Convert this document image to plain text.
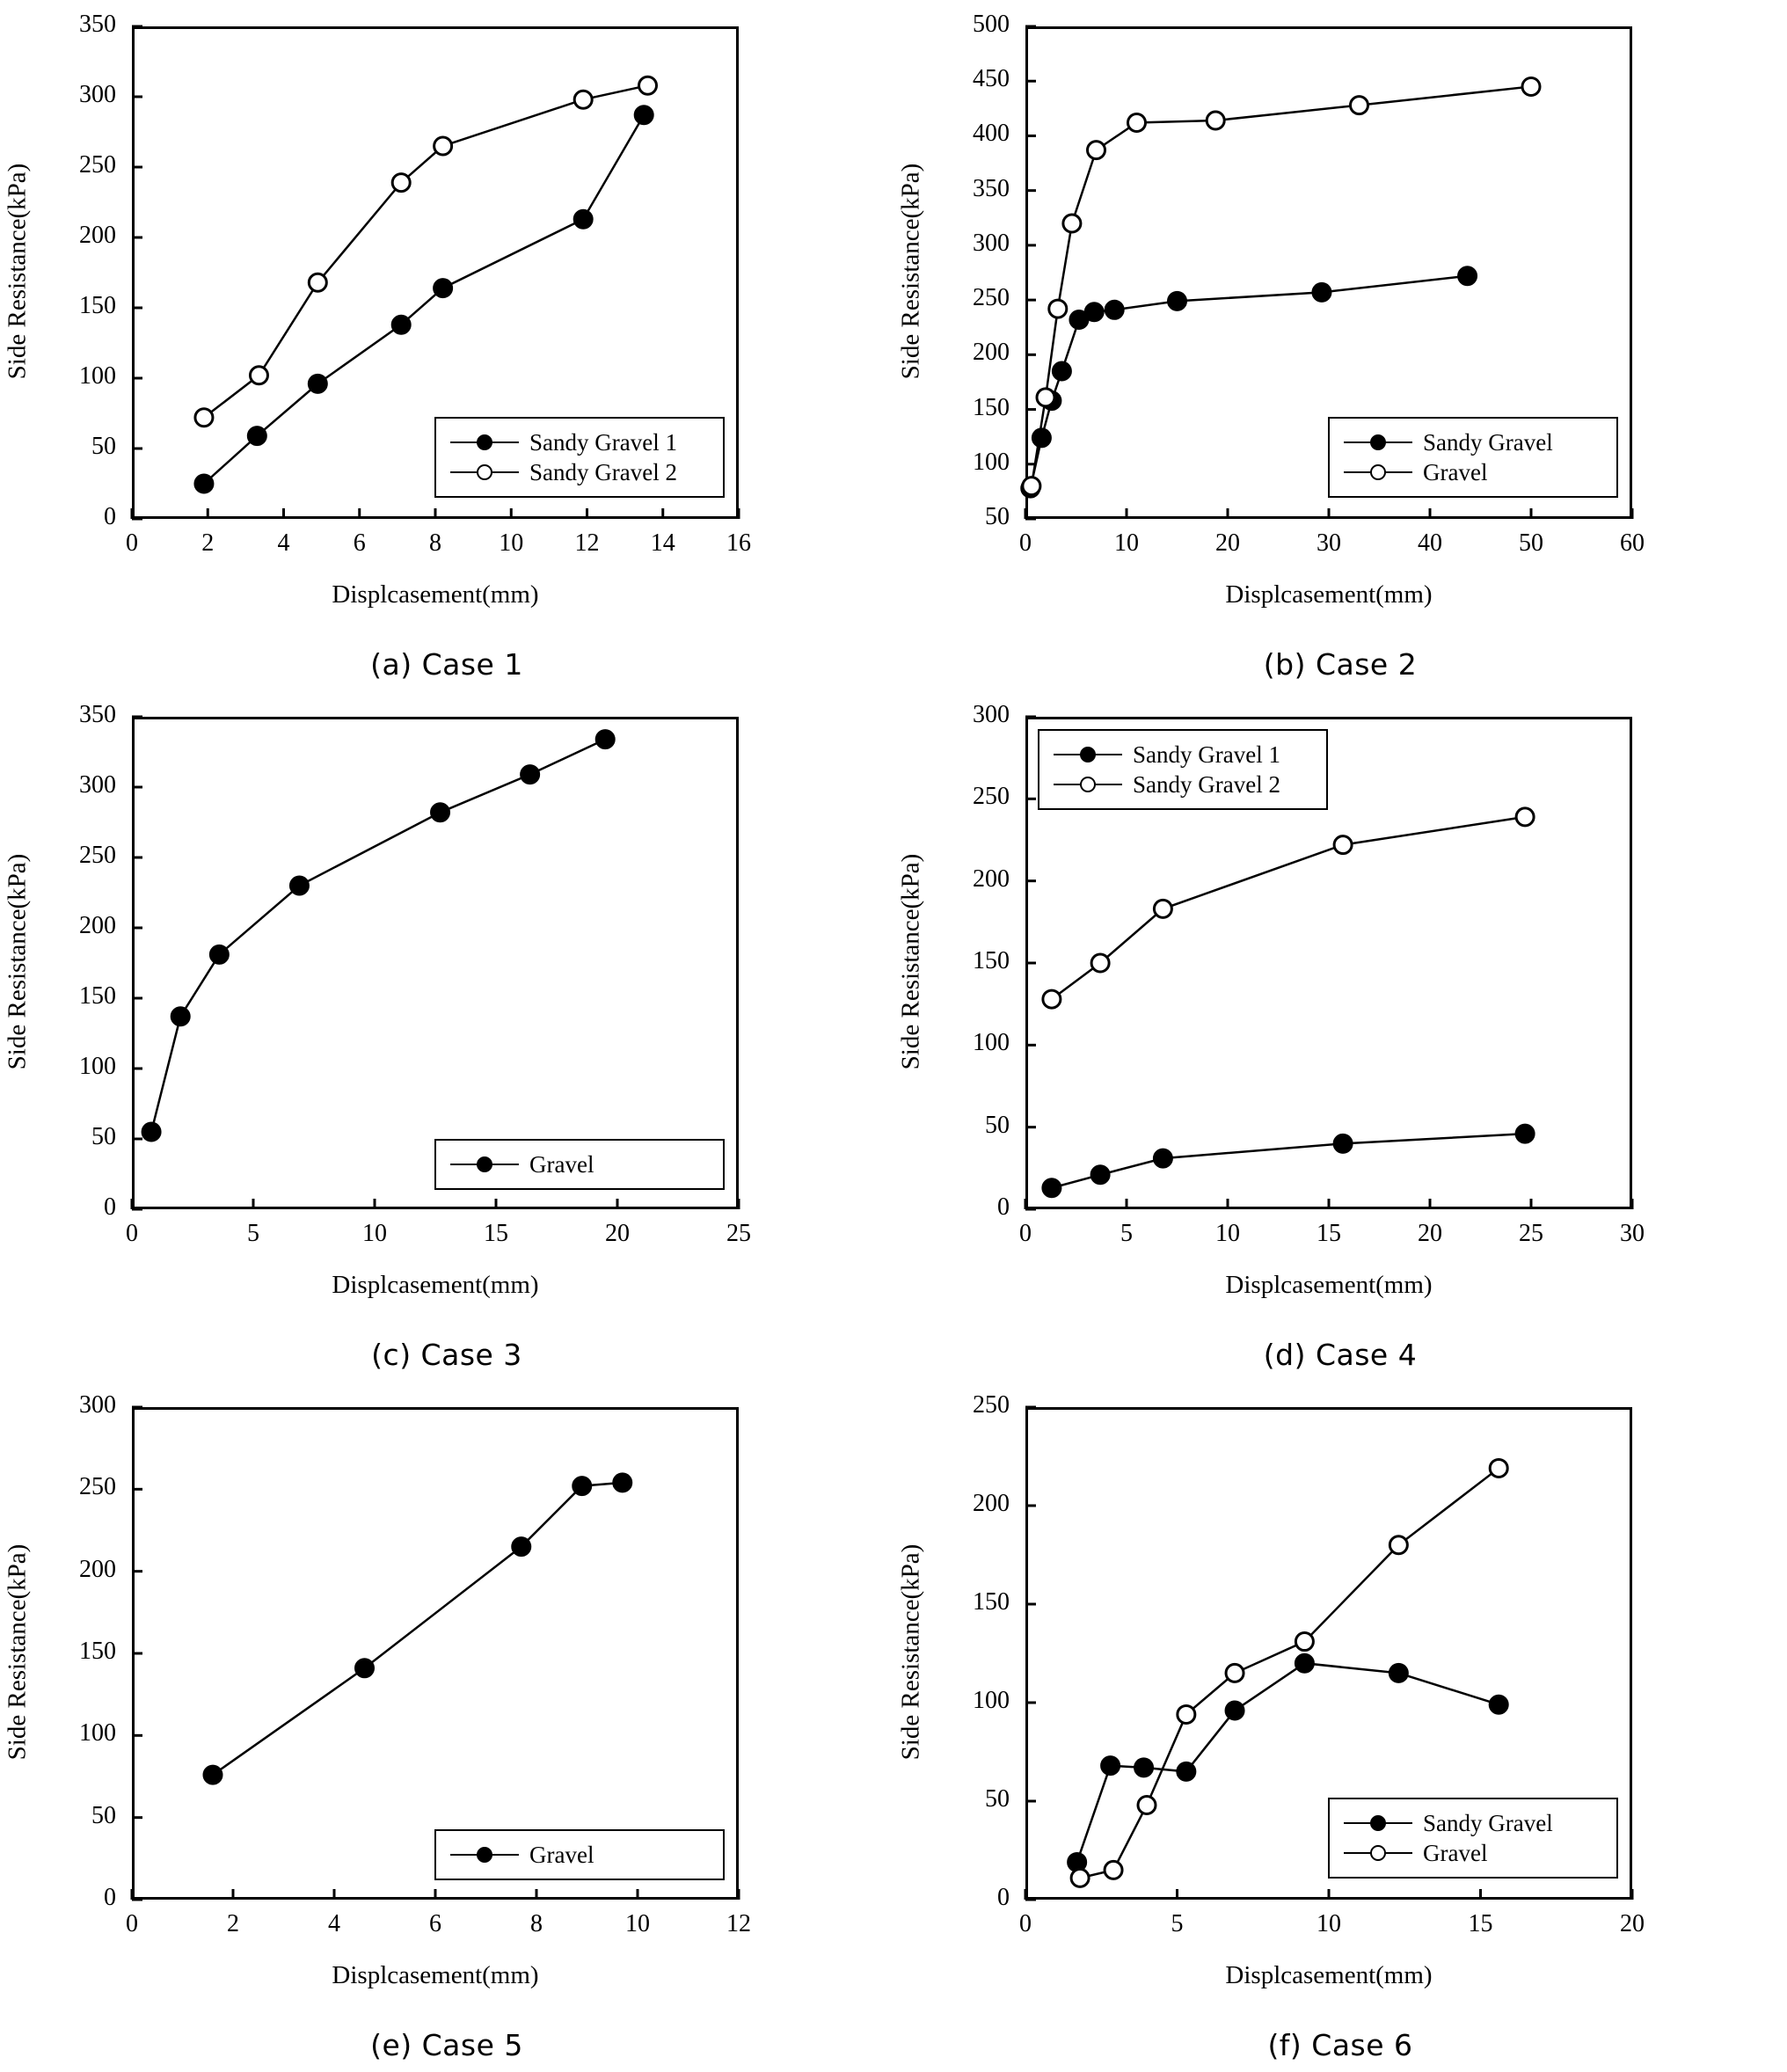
0	2	4	6	8	10	12	14	16
0
50
100
150
200
250
300
350
Displcasement(mm)
Side Resistance(kPa)
Sandy Gravel 1
Sandy Gravel 2
(a) Case 1
0	10	20	30	40	50	60
50
100
150
200
250
300
350
400
450
500
Displcasement(mm)
Side Resistance(kPa)
Sandy Gravel
Gravel
(b) Case 2
0	5	10	15	20	25
0
50
100
150
200
250
300
350
Displcasement(mm)
Side Resistance(kPa)
Gravel
(c) Case 3
0	5	10	15	20	25	30
0
50
100
150
200
250
300
Displcasement(mm)
Side Resistance(kPa)
Sandy Gravel 1
Sandy Gravel 2
(d) Case 4
0	2	4	6	8	10	12
0
50
100
150
200
250
300
Displcasement(mm)
Side Resistance(kPa)
Gravel
(e) Case 5
0	5	10	15	20
0
50
100
150
200
250
Displcasement(mm)
Side Resistance(kPa)
Sandy Gravel
Gravel
(f) Case 6
